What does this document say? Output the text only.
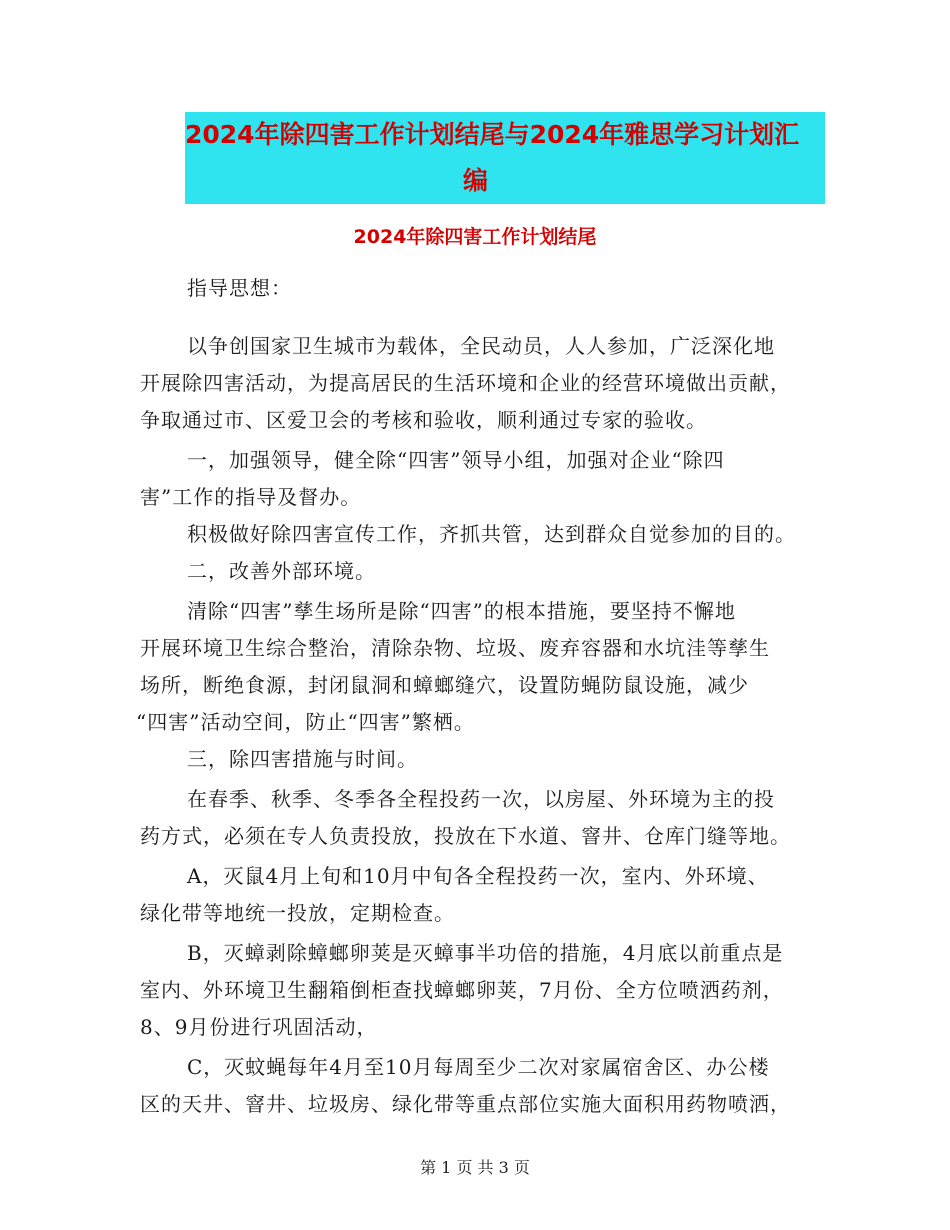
2024年除四害工作计划结尾与2024年雅思学习计划汇
编
2024年除四害工作计划结尾
指导思想：
以争创国家卫生城市为载体，全民动员，人人参加，广泛深化地
开展除四害活动，为提高居民的生活环境和企业的经营环境做出贡献，
争取通过市、区爱卫会的考核和验收，顺利通过专家的验收。
一，加强领导，健全除“四害”领导小组，加强对企业“除四
害”工作的指导及督办。
积极做好除四害宣传工作，齐抓共管，达到群众自觉参加的目的。
二，改善外部环境。
清除“四害”孳生场所是除“四害”的根本措施，要坚持不懈地
开展环境卫生综合整治，清除杂物、垃圾、废弃容器和水坑洼等孳生
场所，断绝食源，封闭鼠洞和蟑螂缝穴，设置防蝇防鼠设施，减少
“四害”活动空间，防止“四害”繁栖。
三，除四害措施与时间。
在春季、秋季、冬季各全程投药一次，以房屋、外环境为主的投
药方式，必须在专人负责投放，投放在下水道、窨井、仓库门缝等地。
A，灭鼠4月上旬和10月中旬各全程投药一次，室内、外环境、
绿化带等地统一投放，定期检查。
B，灭蟑剥除蟑螂卵荚是灭蟑事半功倍的措施，4月底以前重点是
室内、外环境卫生翻箱倒柜查找蟑螂卵荚，7月份、全方位喷洒药剂，
8、9月份进行巩固活动，
C，灭蚊蝇每年4月至10月每周至少二次对家属宿舍区、办公楼
区的天井、窨井、垃圾房、绿化带等重点部位实施大面积用药物喷洒，
第 1 页 共 3 页
